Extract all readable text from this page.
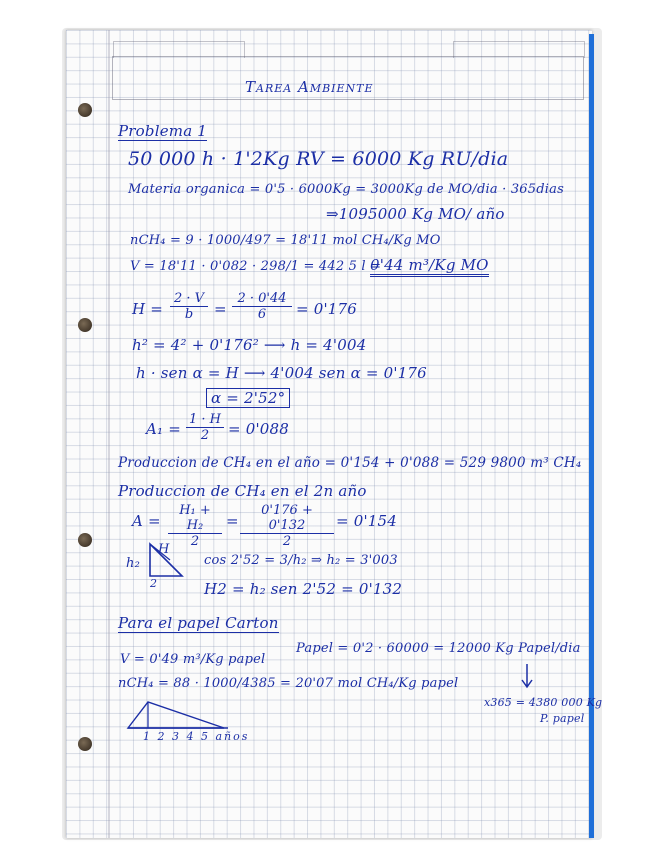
Tarea Ambiente
Problema 1
50 000 h · 1'2Kg RV = 6000 Kg RU/dia
Materia organica = 0'5 · 6000Kg = 3000Kg de MO/dia · 365dias
⇒1095000 Kg MO/ año
nCH₄ = 9 · 1000/497 = 18'11 mol CH₄/Kg MO
V = 18'11 · 0'082 · 298/1 = 442 5 l =
0'44 m³/Kg MO
$H = \frac{2 \cdot V}{b} = \frac{2 \cdot 0'44}{6} = 0'176$
h² = 4² + 0'176² ⟶ h = 4'004
h · sen α = H ⟶ 4'004 sen α = 0'176
α = 2'52°
$A_1 = \frac{1 \cdot H}{2} = 0'088$
Produccion de CH₄ en el año = 0'154 + 0'088 = 529 9800 m³ CH₄
Produccion de CH₄ en el 2n año
$A = \frac{\text{H₁ + H₂}}{2} = \frac{0'176 + 0'132}{2} = 0'154$
h₂
H
2
cos 2'52 = 3/h₂ ⇒ h₂ = 3'003
H2 = h₂ sen 2'52 = 0'132
Para el papel Carton
V = 0'49 m³/Kg papel
Papel = 0'2 · 60000 = 12000 Kg Papel/dia
nCH₄ = 88 · 1000/4385 = 20'07 mol CH₄/Kg papel
x365 = 4380 000 Kg
P. papel
1 2 3 4 5 años
